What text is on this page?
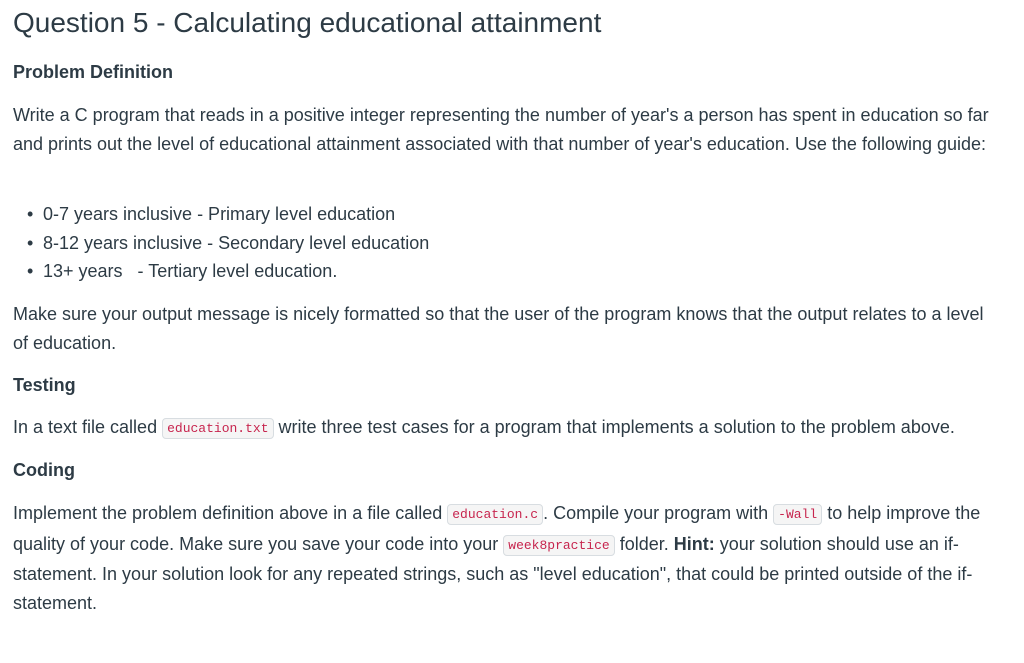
Question 5 - Calculating educational attainment
Problem Definition
Write a C program that reads in a positive integer representing the number of year's a person has spent in education so far and prints out the level of educational attainment associated with that number of year's education. Use the following guide:
• 0-7 years inclusive - Primary level education
• 8-12 years inclusive - Secondary level education
• 13+ years   - Tertiary level education.
Make sure your output message is nicely formatted so that the user of the program knows that the output relates to a level of education.
Testing
In a text file called education.txt write three test cases for a program that implements a solution to the problem above.
Coding
Implement the problem definition above in a file called education.c . Compile your program with -Wall to help improve the quality of your code. Make sure you save your code into your week8practice folder. Hint: your solution should use an if-statement. In your solution look for any repeated strings, such as "level education", that could be printed outside of the if-statement.
